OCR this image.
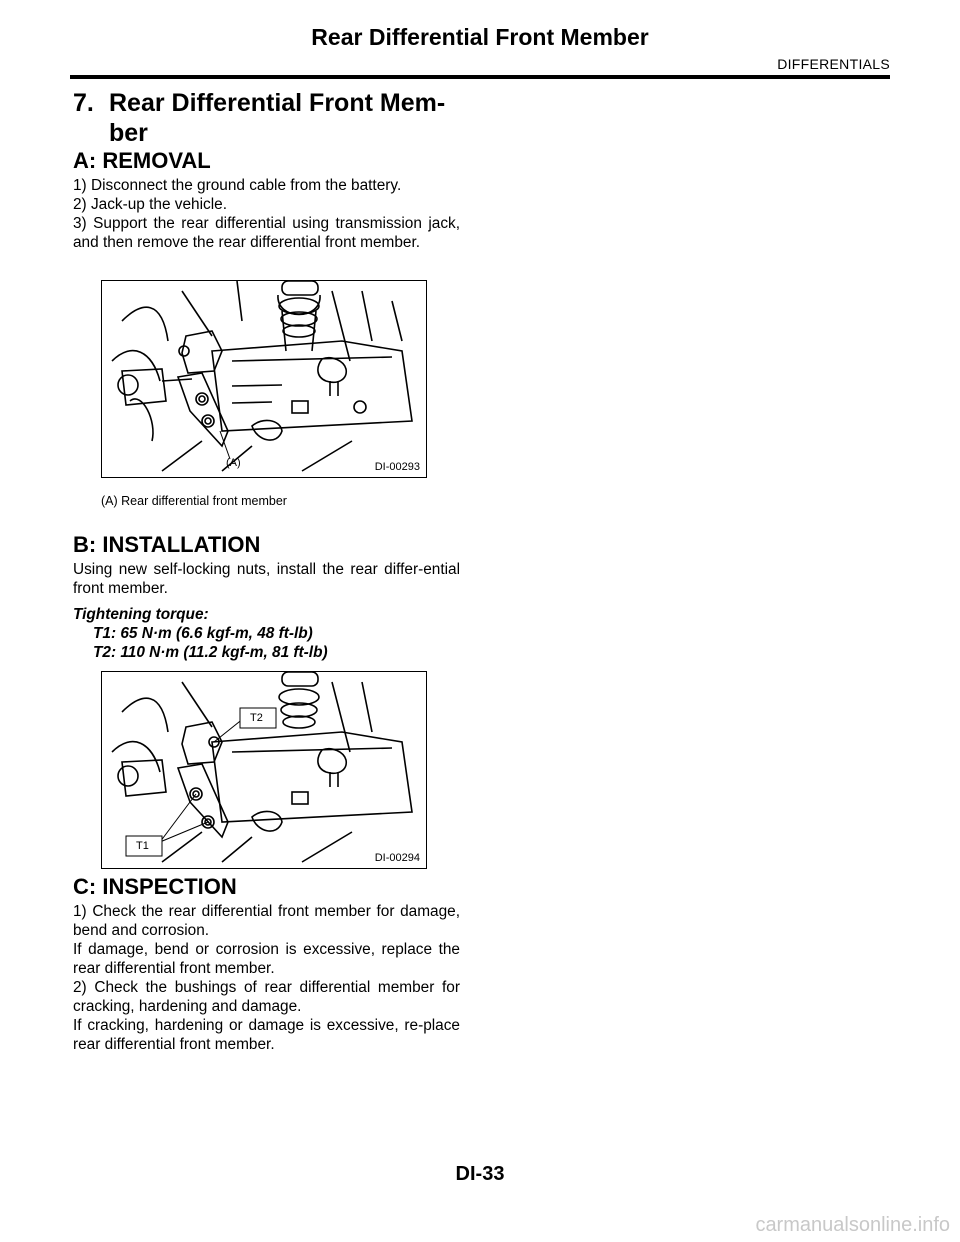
Rear Differential Front Member
DIFFERENTIALS
7. Rear Differential Front Mem-
ber
A: REMOVAL
1) Disconnect the ground cable from the battery.
2) Jack-up the vehicle.
3) Support the rear differential using transmission jack, and then remove the rear differential front member.
(A)	DI-00293
(A) Rear differential front member
B: INSTALLATION
Using new self-locking nuts, install the rear differ-ential front member.
Tightening torque:
T1: 65 N·m (6.6 kgf-m, 48 ft-lb)
T2: 110 N·m (11.2 kgf-m, 81 ft-lb)
T2
T1
DI-00294
C: INSPECTION
1) Check the rear differential front member for damage, bend and corrosion.
If damage, bend or corrosion is excessive, replace the rear differential front member.
2) Check the bushings of rear differential member for cracking, hardening and damage.
If cracking, hardening or damage is excessive, re-place rear differential front member.
DI-33
carmanualsonline.info
